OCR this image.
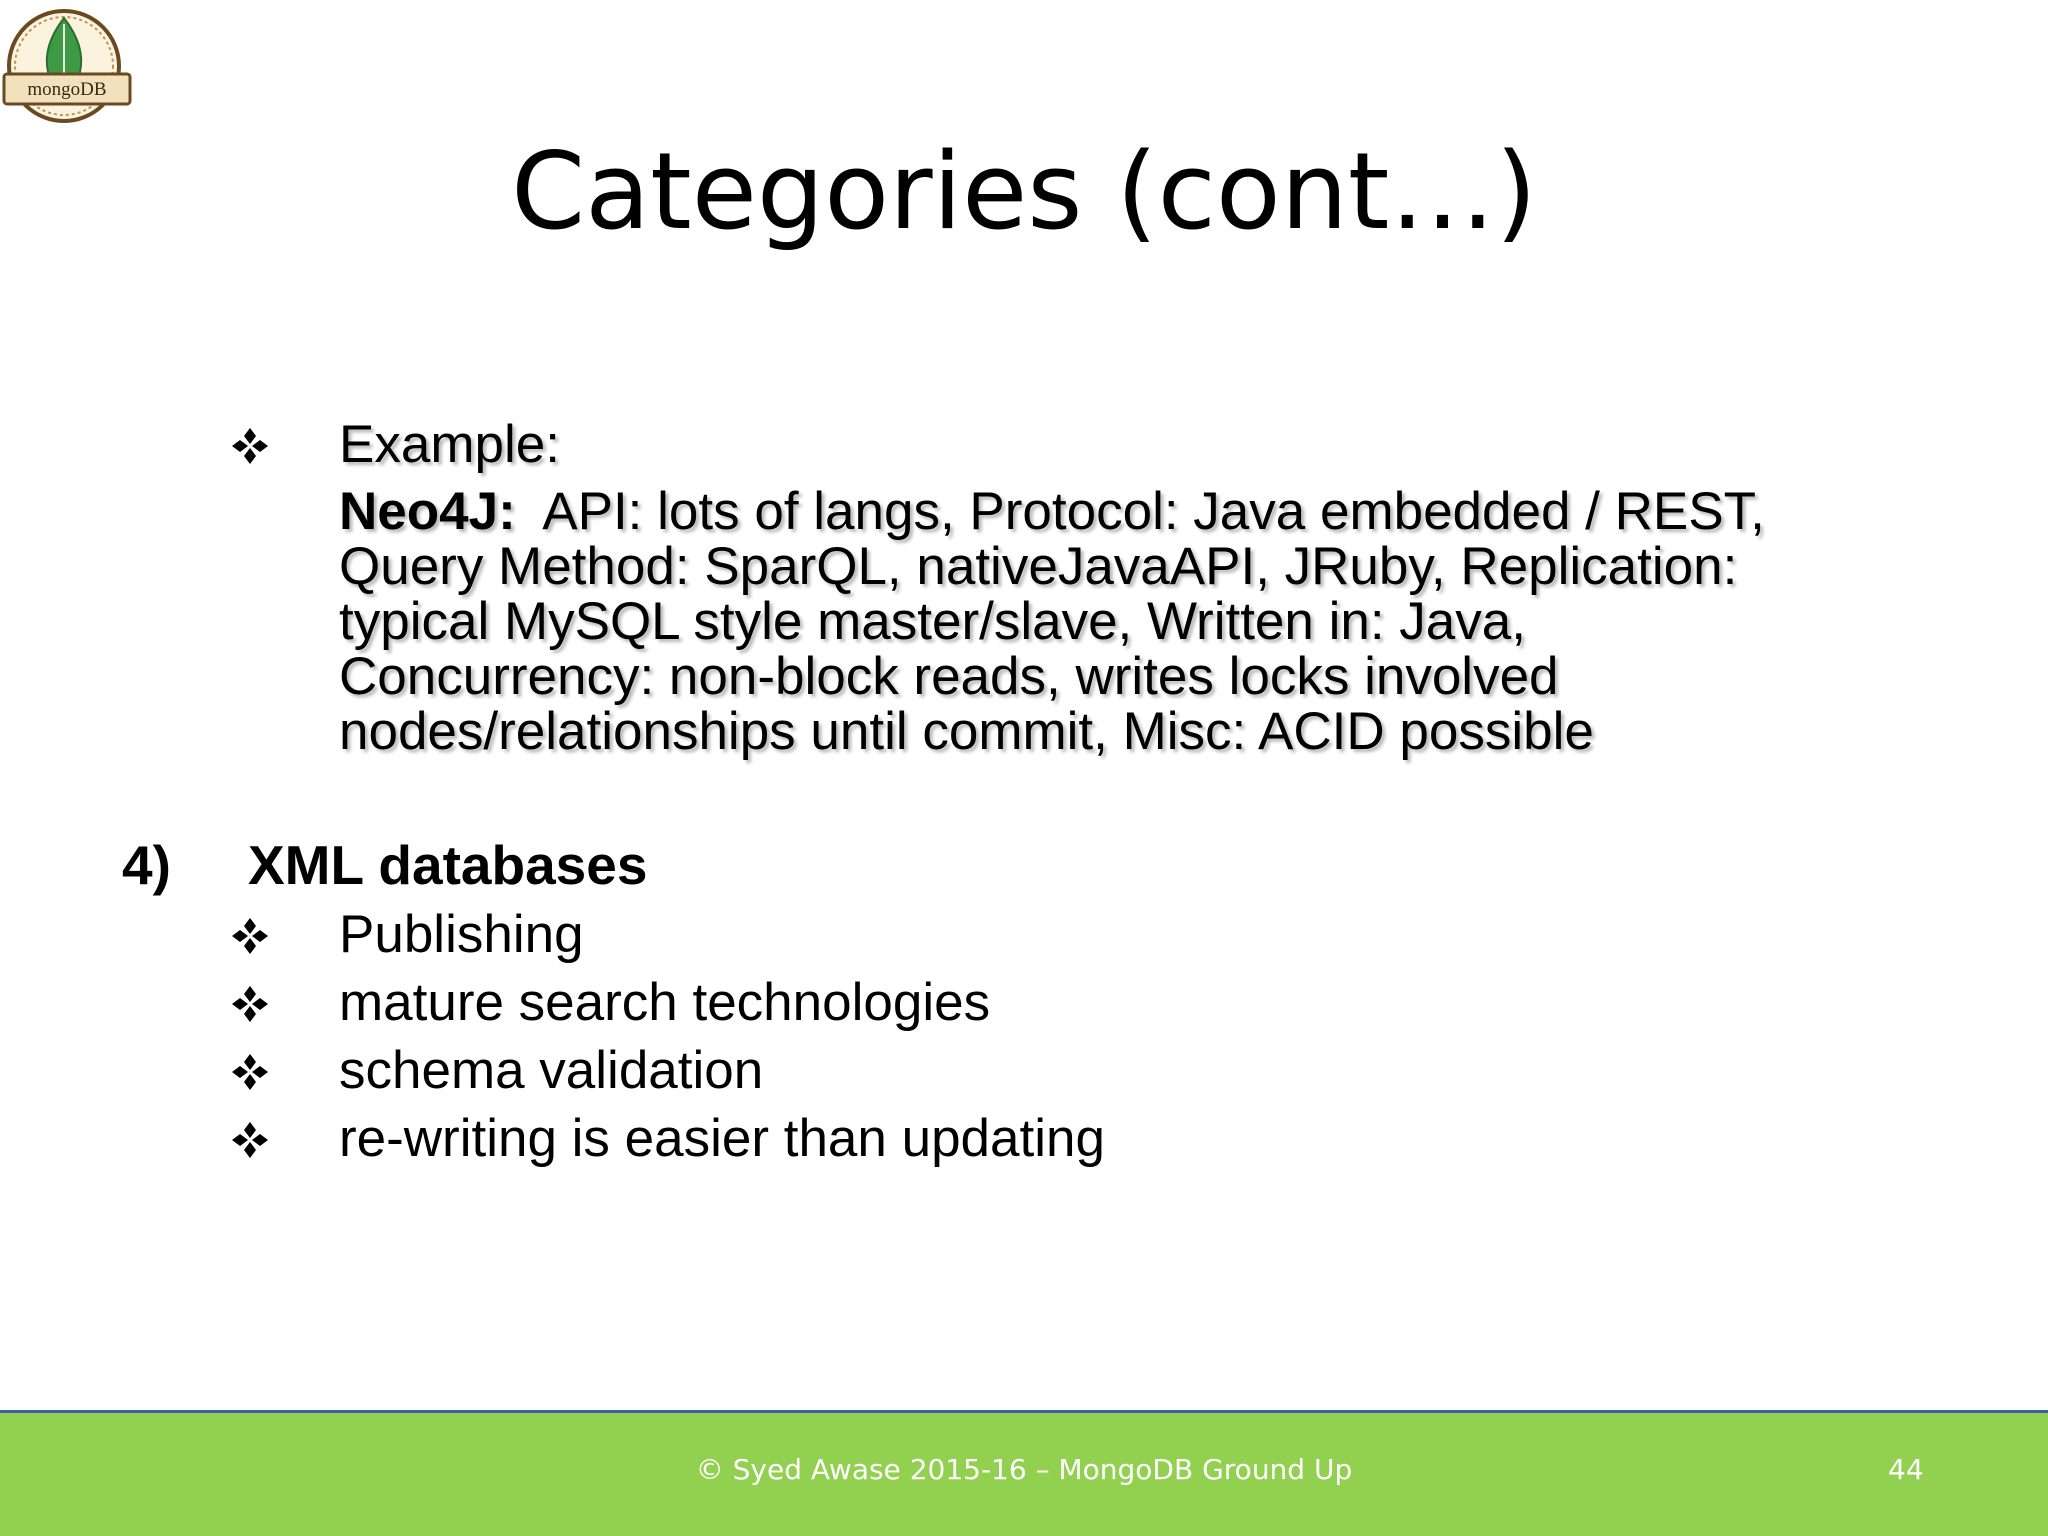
mongoDB
Categories (cont…)
Example:
Neo4J:  API: lots of langs, Protocol: Java embedded / REST,
Query Method: SparQL, nativeJavaAPI, JRuby, Replication:
typical MySQL style master/slave, Written in: Java,
Concurrency: non-block reads, writes locks involved
nodes/relationships until commit, Misc: ACID possible
4) XML databases
Publishing
mature search technologies
schema validation
re-writing is easier than updating
© Syed Awase 2015-16 – MongoDB Ground Up	44
